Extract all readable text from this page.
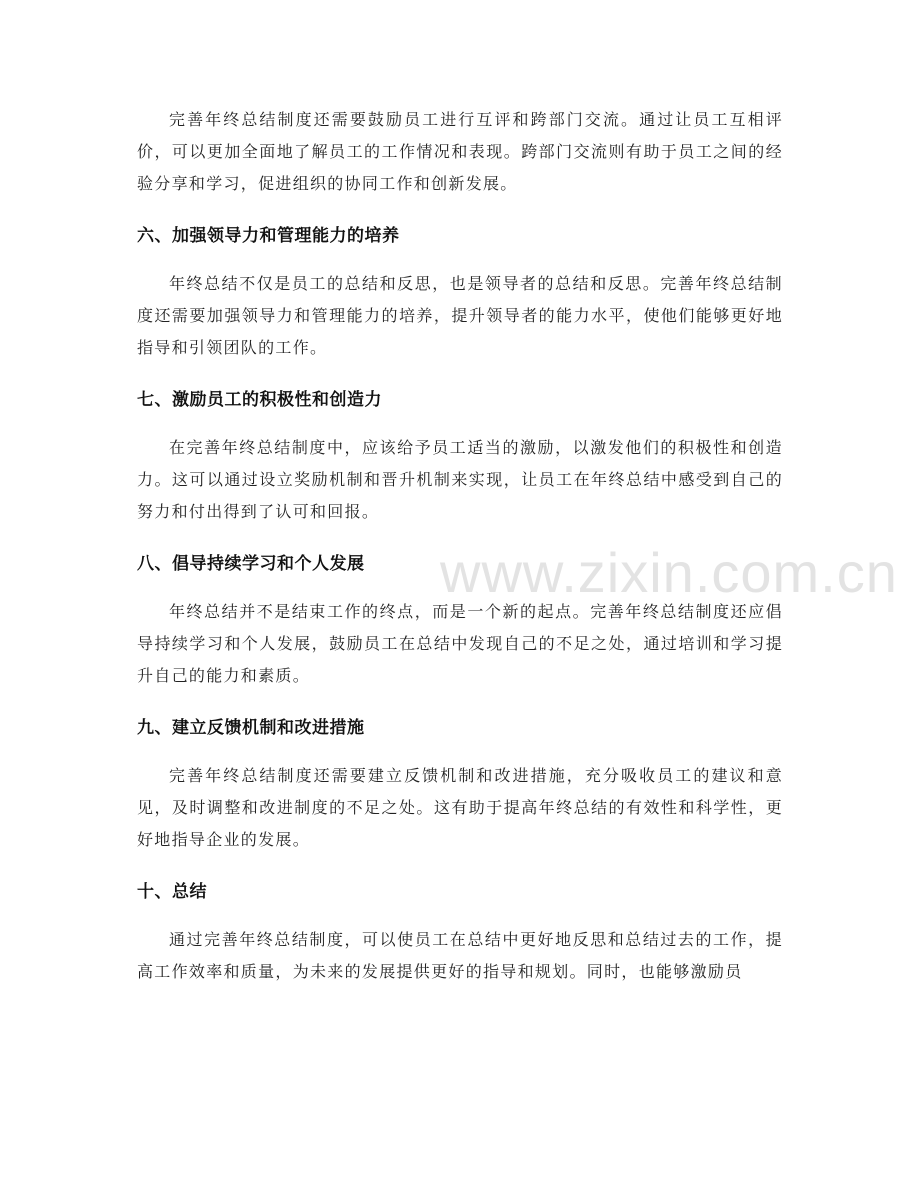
完善年终总结制度还需要鼓励员工进行互评和跨部门交流。通过让员工互相评价，可以更加全面地了解员工的工作情况和表现。跨部门交流则有助于员工之间的经验分享和学习，促进组织的协同工作和创新发展。

六、加强领导力和管理能力的培养

年终总结不仅是员工的总结和反思，也是领导者的总结和反思。完善年终总结制度还需要加强领导力和管理能力的培养，提升领导者的能力水平，使他们能够更好地指导和引领团队的工作。

七、激励员工的积极性和创造力

在完善年终总结制度中，应该给予员工适当的激励，以激发他们的积极性和创造力。这可以通过设立奖励机制和晋升机制来实现，让员工在年终总结中感受到自己的努力和付出得到了认可和回报。

八、倡导持续学习和个人发展

年终总结并不是结束工作的终点，而是一个新的起点。完善年终总结制度还应倡导持续学习和个人发展，鼓励员工在总结中发现自己的不足之处，通过培训和学习提升自己的能力和素质。

九、建立反馈机制和改进措施

完善年终总结制度还需要建立反馈机制和改进措施，充分吸收员工的建议和意见，及时调整和改进制度的不足之处。这有助于提高年终总结的有效性和科学性，更好地指导企业的发展。

十、总结

通过完善年终总结制度，可以使员工在总结中更好地反思和总结过去的工作，提高工作效率和质量，为未来的发展提供更好的指导和规划。同时，也能够激励员

www.zixin.com.cn
